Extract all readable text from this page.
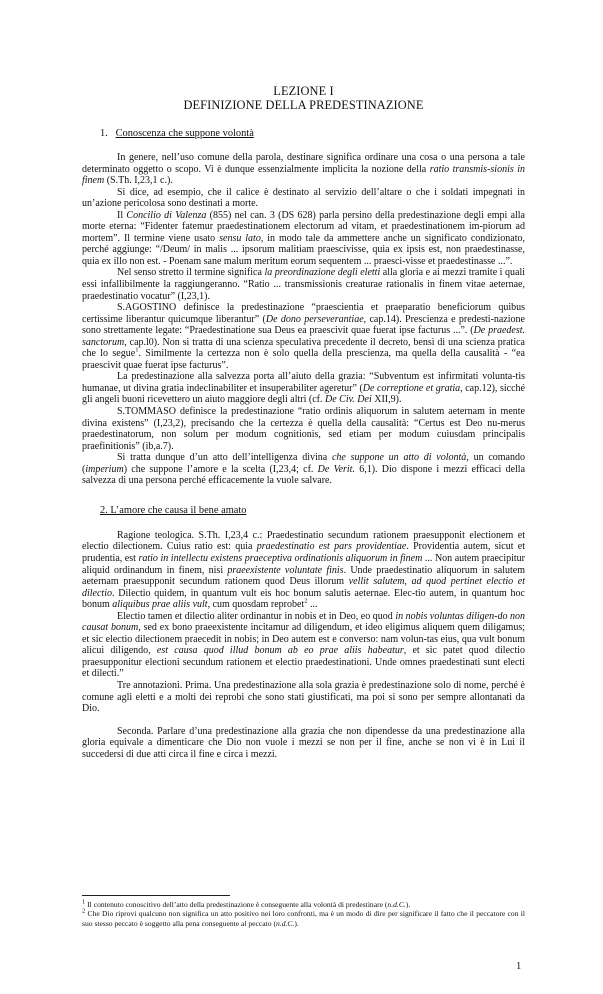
LEZIONE I
DEFINIZIONE DELLA PREDESTINAZIONE
1. Conoscenza che suppone volontà

In genere, nell’uso comune della parola, destinare significa ordinare una cosa o una persona a tale determinato oggetto o scopo. Vi è dunque essenzialmente implicita la nozione della ratio transmis-sionis in finem (S.Th. I,23,1 c.).

Si dice, ad esempio, che il calice è destinato al servizio dell’altare o che i soldati impegnati in un’azione pericolosa sono destinati a morte.

Il Concilio di Valenza (855) nel can. 3 (DS 628) parla persino della predestinazione degli empi alla morte eterna: “Fidenter fatemur praedestinationem electorum ad vitam, et praedestinationem im-piorum ad mortem”. Il termine viene usato sensu lato, in modo tale da ammettere anche un significato condizionato, perché aggiunge: “/Deum/ in malis ... ipsorum malitiam praescivisse, quia ex ipsis est, non praedestinasse, quia ex illo non est. - Poenam sane malum meritum eorum sequentem ... praesci-visse et praedestinasse ...”.

Nel senso stretto il termine significa la preordinazione degli eletti alla gloria e ai mezzi tramite i quali essi infallibilmente la raggiungeranno. “Ratio ... transmissionis creaturae rationalis in finem vitae aeternae, praedestinatio vocatur” (I,23,1).

S.AGOSTINO definisce la predestinazione “praescientia et praeparatio beneficiorum quibus certissime liberantur quicumque liberantur” (De dono perseverantiae, cap.14). Prescienza e predesti-nazione sono strettamente legate: “Praedestinatione sua Deus ea praescivit quae fuerat ipse facturus ...”. (De praedest. sanctorum, cap.l0). Non si tratta di una scienza speculativa precedente il decreto, bensì di una scienza pratica che lo segue$^1$. Similmente la certezza non è solo quella della prescienza, ma quella della causalità - “ea praescivit quae fuerat ipse facturus”.

La predestinazione alla salvezza porta all’aiuto della grazia: “Subventum est infirmitati volunta-tis humanae, ut divina gratia indeclinabiliter et insuperabiliter ageretur” (De correptione et gratia, cap.12), sicché gli angeli buoni ricevettero un aiuto maggiore degli altri (cf. De Civ. Dei XII,9).

S.TOMMASO definisce la predestinazione “ratio ordinis aliquorum in salutem aeternam in mente divina existens” (I,23,2), precisando che la certezza è quella della causalità: “Certus est Deo nu-merus praedestinatorum, non solum per modum cognitionis, sed etiam per modum cuiusdam principalis praefinitionis” (ib,a.7).

Si tratta dunque d’un atto dell’intelligenza divina che suppone un atto di volontà, un comando (imperium) che suppone l’amore e la scelta (I,23,4; cf. De Verit. 6,1). Dio dispone i mezzi efficaci della salvezza di una persona perché efficacemente la vuole salvare.

2. L’amore che causa il bene amato

Ragione teologica. S.Th. I,23,4 c.: Praedestinatio secundum rationem praesupponit electionem et electio dilectionem. Cuius ratio est: quia praedestinatio est pars providentiae. Providentia autem, sicut et prudentia, est ratio in intellectu existens praeceptiva ordinationis aliquorum in finem ... Non autem praecipitur aliquid ordinandum in finem, nisi praeexistente voluntate finis. Unde praedestinatio aliquorum in salutem aeternam praesupponit secundum rationem quod Deus illorum vellit salutem, ad quod pertinet electio et dilectio. Dilectio quidem, in quantum vult eis hoc bonum salutis aeternae. Elec-tio autem, in quantum hoc bonum aliquibus prae aliis vult, cum quosdam reprobet$^2$ ...

Electio tamen et dilectio aliter ordinantur in nobis et in Deo, eo quod in nobis voluntas diligen-do non causat bonum, sed ex bono praeexistente incitamur ad diligendum, et ideo eligimus aliquem quem diligamus; et sic electio dilectionem praecedit in nobis; in Deo autem est e converso: nam volun-tas eius, qua vult bonum alicui diligendo, est causa quod illud bonum ab eo prae aliis habeatur, et sic patet quod dilectio praesupponitur electioni secundum rationem et electio praedestinationi. Unde omnes praedestinati sunt electi et dilecti.”

Tre annotazioni. Prima. Una predestinazione alla sola grazia è predestinazione solo di nome, perché è comune agli eletti e a molti dei reprobi che sono stati giustificati, ma poi si sono per sempre allontanati da Dio.

Seconda. Parlare d’una predestinazione alla grazia che non dipendesse da una predestinazione alla gloria equivale a dimenticare che Dio non vuole i mezzi se non per il fine, anche se non vi è in Lui il succedersi di due atti circa il fine e circa i mezzi.

$^1$ Il contenuto conoscitivo dell’atto della predestinazione è conseguente alla volontà di predestinare (n.d.C.).

$^2$ Che Dio riprovi qualcuno non significa un atto positivo nei loro confronti, ma è un modo di dire per significare il fatto che il peccatore con il suo stesso peccato è soggetto alla pena conseguente al peccato (n.d.C.).

1
